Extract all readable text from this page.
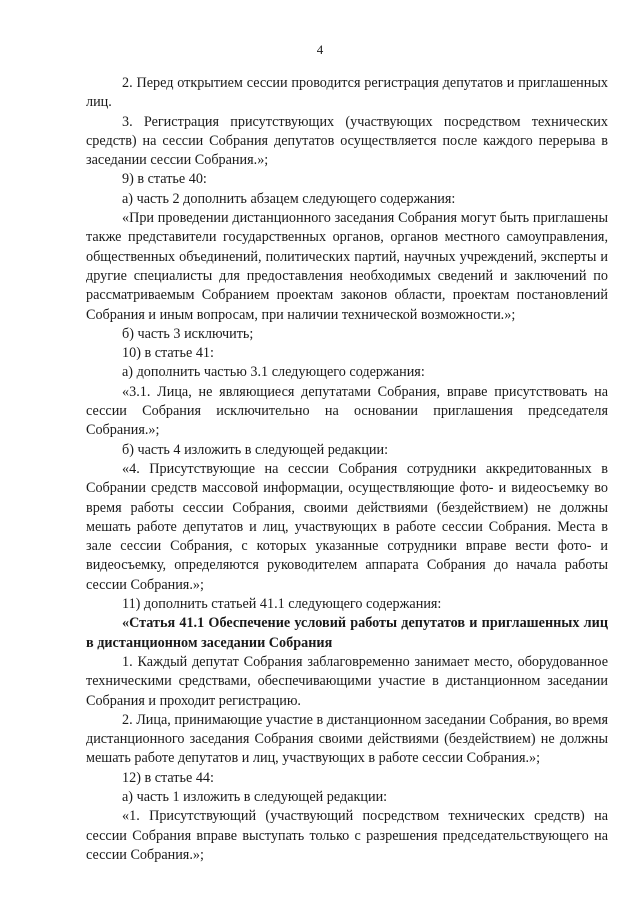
4

2. Перед открытием сессии проводится регистрация депутатов и приглашенных лиц.

3. Регистрация присутствующих (участвующих посредством технических средств) на сессии Собрания депутатов осуществляется после каждого перерыва в заседании сессии Собрания.»;

9) в статье 40:

а) часть 2 дополнить абзацем следующего содержания:

«При проведении дистанционного заседания Собрания могут быть приглашены также представители государственных органов, органов местного самоуправления, общественных объединений, политических партий, научных учреждений, эксперты и другие специалисты для предоставления необходимых сведений и заключений по рассматриваемым Собранием проектам законов области, проектам постановлений Собрания и иным вопросам, при наличии технической возможности.»;

б) часть 3 исключить;

10) в статье 41:

а) дополнить частью 3.1 следующего содержания:

«3.1. Лица, не являющиеся депутатами Собрания, вправе присутствовать на сессии Собрания исключительно на основании приглашения председателя Собрания.»;

б) часть 4 изложить в следующей редакции:

«4. Присутствующие на сессии Собрания сотрудники аккредитованных в Собрании средств массовой информации, осуществляющие фото- и видеосъемку во время работы сессии Собрания, своими действиями (бездействием) не должны мешать работе депутатов и лиц, участвующих в работе сессии Собрания. Места в зале сессии Собрания, с которых указанные сотрудники вправе вести фото- и видеосъемку, определяются руководителем аппарата Собрания до начала работы сессии Собрания.»;

11) дополнить статьей 41.1 следующего содержания:

«Статья 41.1 Обеспечение условий работы депутатов и приглашенных лиц в дистанционном заседании Собрания

1. Каждый депутат Собрания заблаговременно занимает место, оборудованное техническими средствами, обеспечивающими участие в дистанционном заседании Собрания и проходит регистрацию.

2. Лица, принимающие участие в дистанционном заседании Собрания, во время дистанционного заседания Собрания своими действиями (бездействием) не должны мешать работе депутатов и лиц, участвующих в работе сессии Собрания.»;

12) в статье 44:

а) часть 1 изложить в следующей редакции:

«1. Присутствующий (участвующий посредством технических средств) на сессии Собрания вправе выступать только с разрешения председательствующего на сессии Собрания.»;
